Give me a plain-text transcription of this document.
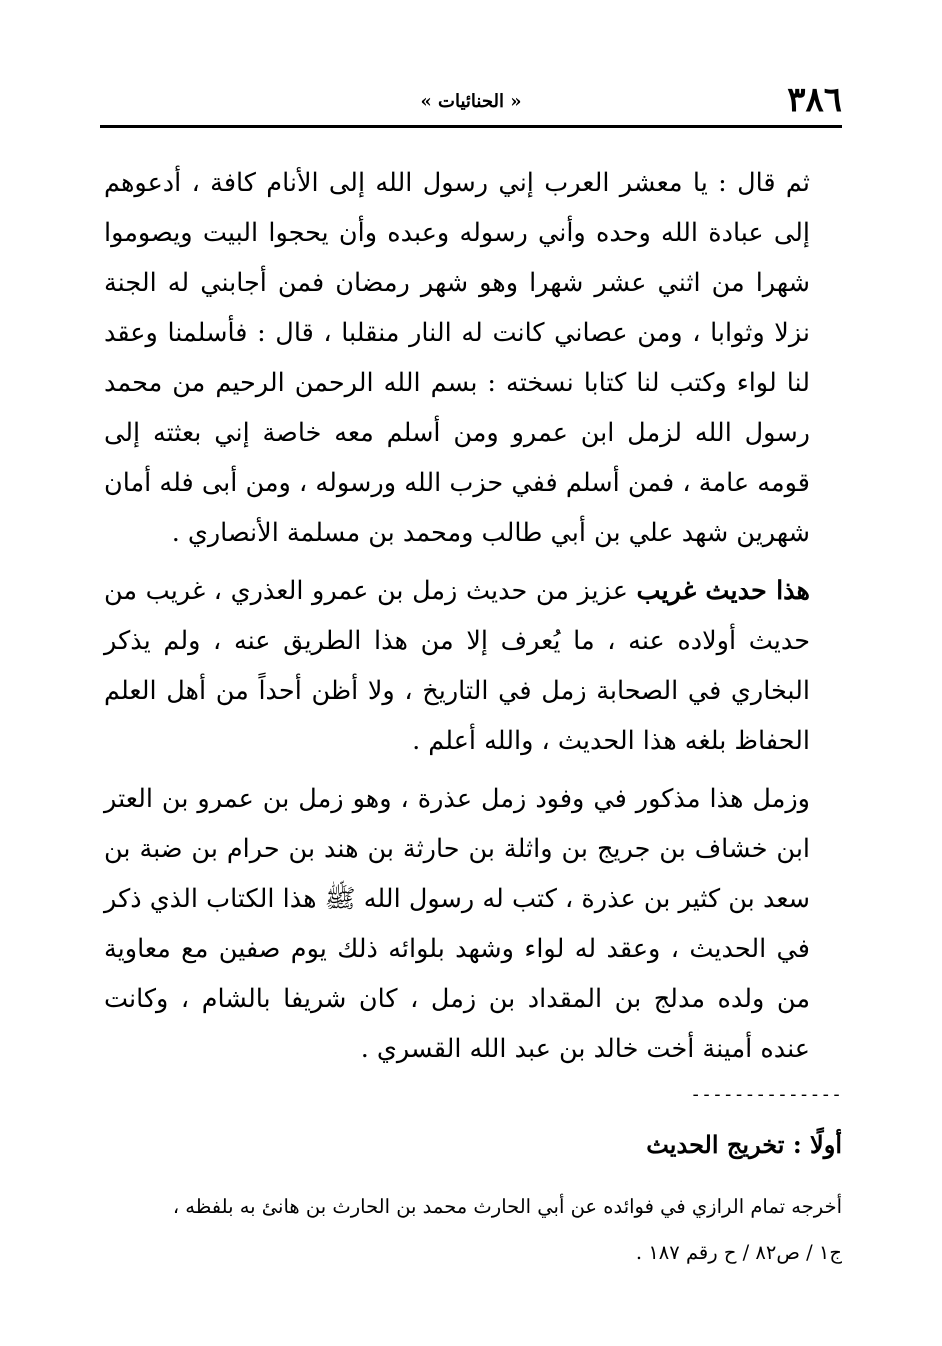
٣٨٦
« الحنائيات »

ثم قال : يا معشر العرب إني رسول الله إلى الأنام كافة ، أدعوهم إلى عبادة الله وحده وأني رسوله وعبده وأن يحجوا البيت ويصوموا شهرا من اثني عشر شهرا وهو شهر رمضان فمن أجابني له الجنة نزلا وثوابا ، ومن عصاني كانت له النار منقلبا ، قال : فأسلمنا وعقد لنا لواء وكتب لنا كتابا نسخته : بسم الله الرحمن الرحيم من محمد رسول الله لزمل ابن عمرو ومن أسلم معه خاصة إني بعثته إلى قومه عامة ، فمن أسلم ففي حزب الله ورسوله ، ومن أبى فله أمان شهرين شهد علي بن أبي طالب ومحمد بن مسلمة الأنصاري .

هذا حديث غريب عزيز من حديث زمل بن عمرو العذري ، غريب من حديث أولاده عنه ، ما يُعرف إلا من هذا الطريق عنه ، ولم يذكر البخاري في الصحابة زمل في التاريخ ، ولا أظن أحداً من أهل العلم الحفاظ بلغه هذا الحديث ، والله أعلم .

وزمل هذا مذكور في وفود زمل عذرة ، وهو زمل بن عمرو بن العتر ابن خشاف بن جريج بن واثلة بن حارثة بن هند بن حرام بن ضبة بن سعد بن كثير بن عذرة ، كتب له رسول الله ﷺ هذا الكتاب الذي ذكر في الحديث ، وعقد له لواء وشهد بلوائه ذلك يوم صفين مع معاوية من ولده مدلج بن المقداد بن زمل ، كان شريفا بالشام ، وكانت عنده أمينة أخت خالد بن عبد الله القسري .

--------------
أولًا : تخريج الحديث
أخرجه تمام الرازي في فوائده عن أبي الحارث محمد بن الحارث بن هانئ به بلفظه ،
ج١ / ص٨٢ / ح رقم ١٨٧ .
